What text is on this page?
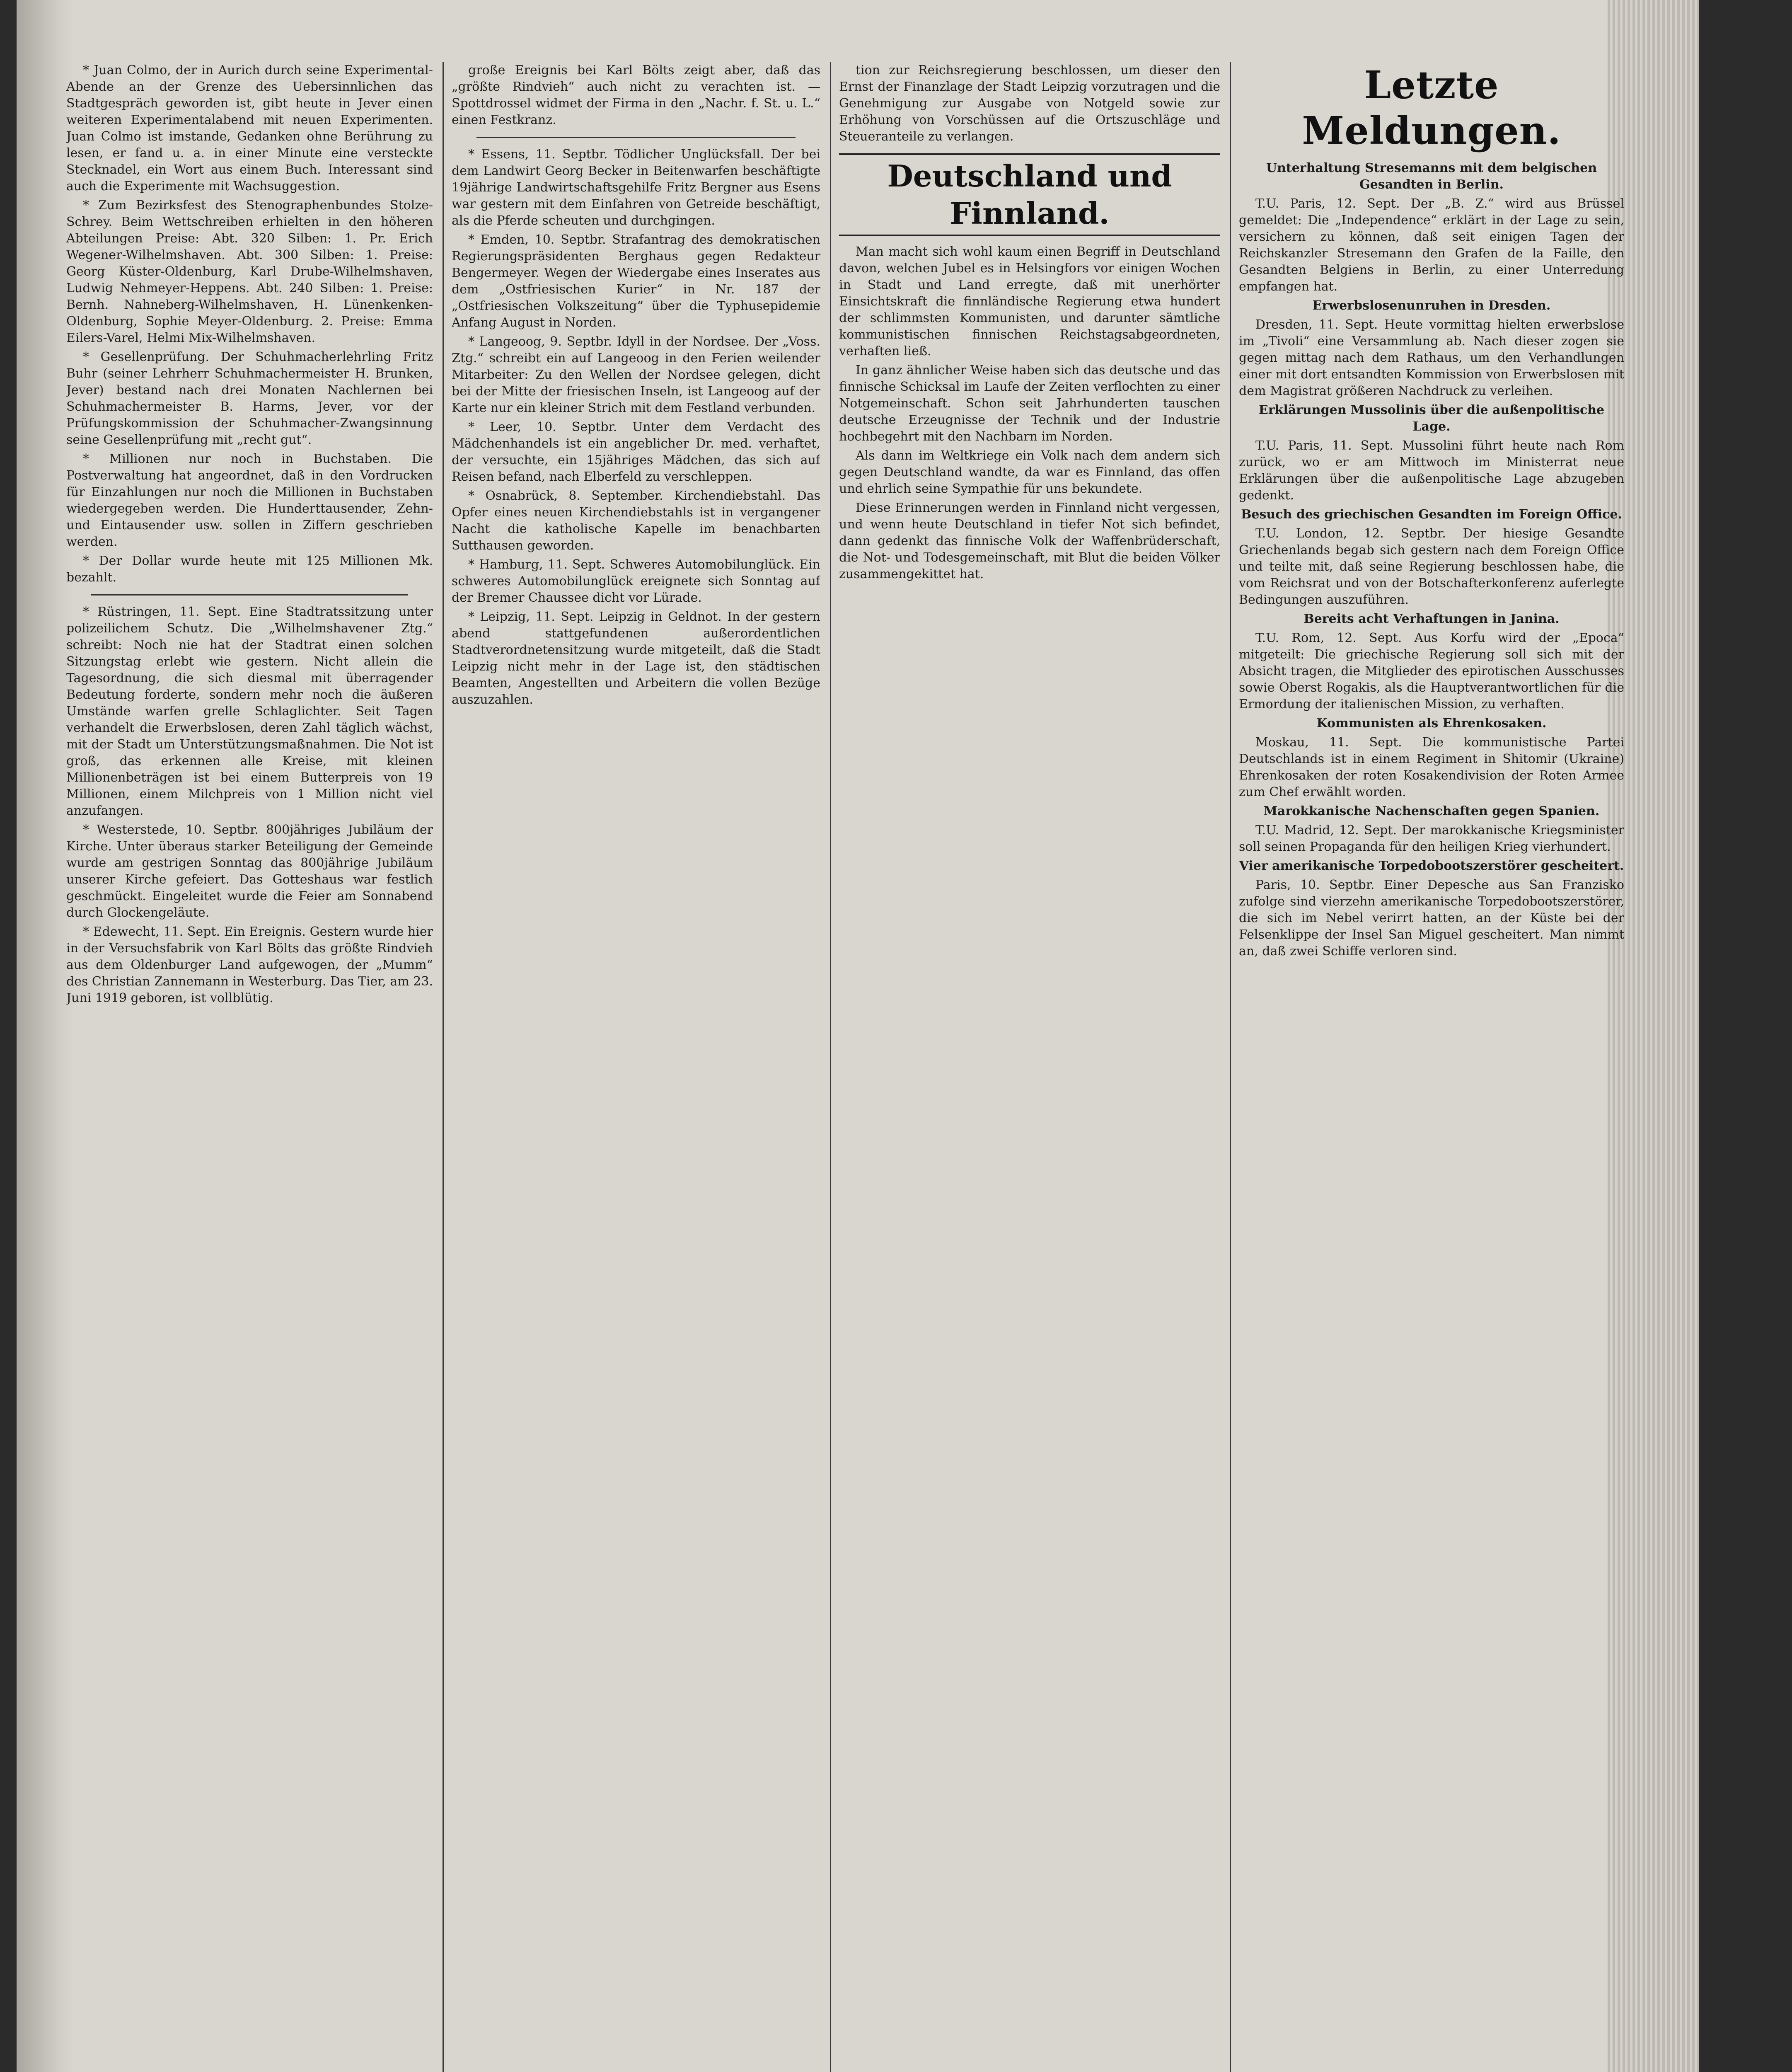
* Juan Colmo, der in Aurich durch seine Experimental-Abende an der Grenze des Uebersinnlichen das Stadtgespräch geworden ist, gibt heute in Jever einen weiteren Experimentalabend mit neuen Experimenten. Juan Colmo ist imstande, Gedanken ohne Berührung zu lesen, er fand u. a. in einer Minute eine versteckte Stecknadel, ein Wort aus einem Buch. Interessant sind auch die Experimente mit Wachsuggestion.

* Zum Bezirksfest des Stenographenbundes Stolze-Schrey. Beim Wettschreiben erhielten in den höheren Abteilungen Preise: Abt. 320 Silben: 1. Pr. Erich Wegener-Wilhelmshaven. Abt. 300 Silben: 1. Preise: Georg Küster-Oldenburg, Karl Drube-Wilhelmshaven, Ludwig Nehmeyer-Heppens. Abt. 240 Silben: 1. Preise: Bernh. Nahneberg-Wilhelmshaven, H. Lünenkenken-Oldenburg, Sophie Meyer-Oldenburg. 2. Preise: Emma Eilers-Varel, Helmi Mix-Wilhelmshaven.

* Gesellenprüfung. Der Schuhmacherlehrling Fritz Buhr (seiner Lehrherr Schuhmachermeister H. Brunken, Jever) bestand nach drei Monaten Nachlernen bei Schuhmachermeister B. Harms, Jever, vor der Prüfungskommission der Schuhmacher-Zwangsinnung seine Gesellenprüfung mit „recht gut“.

* Millionen nur noch in Buchstaben. Die Postverwaltung hat angeordnet, daß in den Vordrucken für Einzahlungen nur noch die Millionen in Buchstaben wiedergegeben werden. Die Hunderttausender, Zehn- und Eintausender usw. sollen in Ziffern geschrieben werden.

* Der Dollar wurde heute mit 125 Millionen Mk. bezahlt.

* Rüstringen, 11. Sept. Eine Stadtratssitzung unter polizeilichem Schutz. Die „Wilhelmshavener Ztg.“ schreibt: Noch nie hat der Stadtrat einen solchen Sitzungstag erlebt wie gestern. Nicht allein die Tagesordnung, die sich diesmal mit überragender Bedeutung forderte, sondern mehr noch die äußeren Umstände warfen grelle Schlaglichter. Seit Tagen verhandelt die Erwerbslosen, deren Zahl täglich wächst, mit der Stadt um Unterstützungsmaßnahmen. Die Not ist groß, das erkennen alle Kreise, mit kleinen Millionenbeträgen ist bei einem Butterpreis von 19 Millionen, einem Milchpreis von 1 Million nicht viel anzufangen.

* Westerstede, 10. Septbr. 800jähriges Jubiläum der Kirche. Unter überaus starker Beteiligung der Gemeinde wurde am gestrigen Sonntag das 800jährige Jubiläum unserer Kirche gefeiert. Das Gotteshaus war festlich geschmückt. Eingeleitet wurde die Feier am Sonnabend durch Glockengeläute.

* Edewecht, 11. Sept. Ein Ereignis. Gestern wurde hier in der Versuchsfabrik von Karl Bölts das größte Rindvieh aus dem Oldenburger Land aufgewogen, der „Mumm“ des Christian Zannemann in Westerburg. Das Tier, am 23. Juni 1919 geboren, ist vollblütig.

große Ereignis bei Karl Bölts zeigt aber, daß das „größte Rindvieh“ auch nicht zu verachten ist. — Spottdrossel widmet der Firma in den „Nachr. f. St. u. L.“ einen Festkranz.

* Essens, 11. Septbr. Tödlicher Unglücksfall. Der bei dem Landwirt Georg Becker in Beitenwarfen beschäftigte 19jährige Landwirtschaftsgehilfe Fritz Bergner aus Esens war gestern mit dem Einfahren von Getreide beschäftigt, als die Pferde scheuten und durchgingen.

* Emden, 10. Septbr. Strafantrag des demokratischen Regierungspräsidenten Berghaus gegen Redakteur Bengermeyer. Wegen der Wiedergabe eines Inserates aus dem „Ostfriesischen Kurier“ in Nr. 187 der „Ostfriesischen Volkszeitung“ über die Typhusepidemie Anfang August in Norden.

* Langeoog, 9. Septbr. Idyll in der Nordsee. Der „Voss. Ztg.“ schreibt ein auf Langeoog in den Ferien weilender Mitarbeiter: Zu den Wellen der Nordsee gelegen, dicht bei der Mitte der friesischen Inseln, ist Langeoog auf der Karte nur ein kleiner Strich mit dem Festland verbunden.

* Leer, 10. Septbr. Unter dem Verdacht des Mädchenhandels ist ein angeblicher Dr. med. verhaftet, der versuchte, ein 15jähriges Mädchen, das sich auf Reisen befand, nach Elberfeld zu verschleppen.

* Osnabrück, 8. September. Kirchendiebstahl. Das Opfer eines neuen Kirchendiebstahls ist in vergangener Nacht die katholische Kapelle im benachbarten Sutthausen geworden.

* Hamburg, 11. Sept. Schweres Automobilunglück. Ein schweres Automobilunglück ereignete sich Sonntag auf der Bremer Chaussee dicht vor Lürade.

* Leipzig, 11. Sept. Leipzig in Geldnot. In der gestern abend stattgefundenen außerordentlichen Stadtverordnetensitzung wurde mitgeteilt, daß die Stadt Leipzig nicht mehr in der Lage ist, den städtischen Beamten, Angestellten und Arbeitern die vollen Bezüge auszuzahlen.

tion zur Reichsregierung beschlossen, um dieser den Ernst der Finanzlage der Stadt Leipzig vorzutragen und die Genehmigung zur Ausgabe von Notgeld sowie zur Erhöhung von Vorschüssen auf die Ortszuschläge und Steueranteile zu verlangen.

Deutschland und Finnland.

Man macht sich wohl kaum einen Begriff in Deutschland davon, welchen Jubel es in Helsingfors vor einigen Wochen in Stadt und Land erregte, daß mit unerhörter Einsichtskraft die finnländische Regierung etwa hundert der schlimmsten Kommunisten, und darunter sämtliche kommunistischen finnischen Reichstagsabgeordneten, verhaften ließ.

In ganz ähnlicher Weise haben sich das deutsche und das finnische Schicksal im Laufe der Zeiten verflochten zu einer Notgemeinschaft. Schon seit Jahrhunderten tauschen deutsche Erzeugnisse der Technik und der Industrie hochbegehrt mit den Nachbarn im Norden.

Als dann im Weltkriege ein Volk nach dem andern sich gegen Deutschland wandte, da war es Finnland, das offen und ehrlich seine Sympathie für uns bekundete.

Diese Erinnerungen werden in Finnland nicht vergessen, und wenn heute Deutschland in tiefer Not sich befindet, dann gedenkt das finnische Volk der Waffenbrüderschaft, die Not- und Todesgemeinschaft, mit Blut die beiden Völker zusammengekittet hat.

Letzte Meldungen.

Unterhaltung Stresemanns mit dem belgischen Gesandten in Berlin.

T.U. Paris, 12. Sept. Der „B. Z.“ wird aus Brüssel gemeldet: Die „Independence“ erklärt in der Lage zu sein, versichern zu können, daß seit einigen Tagen der Reichskanzler Stresemann den Grafen de la Faille, den Gesandten Belgiens in Berlin, zu einer Unterredung empfangen hat.

Erwerbslosenunruhen in Dresden.

Dresden, 11. Sept. Heute vormittag hielten erwerbslose im „Tivoli“ eine Versammlung ab. Nach dieser zogen sie gegen mittag nach dem Rathaus, um den Verhandlungen einer mit dort entsandten Kommission von Erwerbslosen mit dem Magistrat größeren Nachdruck zu verleihen.

Erklärungen Mussolinis über die außenpolitische Lage.

T.U. Paris, 11. Sept. Mussolini führt heute nach Rom zurück, wo er am Mittwoch im Ministerrat neue Erklärungen über die außenpolitische Lage abzugeben gedenkt.

Besuch des griechischen Gesandten im Foreign Office.

T.U. London, 12. Septbr. Der hiesige Gesandte Griechenlands begab sich gestern nach dem Foreign Office und teilte mit, daß seine Regierung beschlossen habe, die vom Reichsrat und von der Botschafterkonferenz auferlegte Bedingungen auszuführen.

Bereits acht Verhaftungen in Janina.

T.U. Rom, 12. Sept. Aus Korfu wird der „Epoca“ mitgeteilt: Die griechische Regierung soll sich mit der Absicht tragen, die Mitglieder des epirotischen Ausschusses sowie Oberst Rogakis, als die Hauptverantwortlichen für die Ermordung der italienischen Mission, zu verhaften.

Kommunisten als Ehrenkosaken.

Moskau, 11. Sept. Die kommunistische Partei Deutschlands ist in einem Regiment in Shitomir (Ukraine) Ehrenkosaken der roten Kosakendivision der Roten Armee zum Chef erwählt worden.

Marokkanische Nachenschaften gegen Spanien.

T.U. Madrid, 12. Sept. Der marokkanische Kriegsminister soll seinen Propaganda für den heiligen Krieg vierhundert.

Vier amerikanische Torpedobootszerstörer gescheitert.

Paris, 10. Septbr. Einer Depesche aus San Franzisko zufolge sind vierzehn amerikanische Torpedobootszerstörer, die sich im Nebel verirrt hatten, an der Küste bei der Felsenklippe der Insel San Miguel gescheitert. Man nimmt an, daß zwei Schiffe verloren sind.
